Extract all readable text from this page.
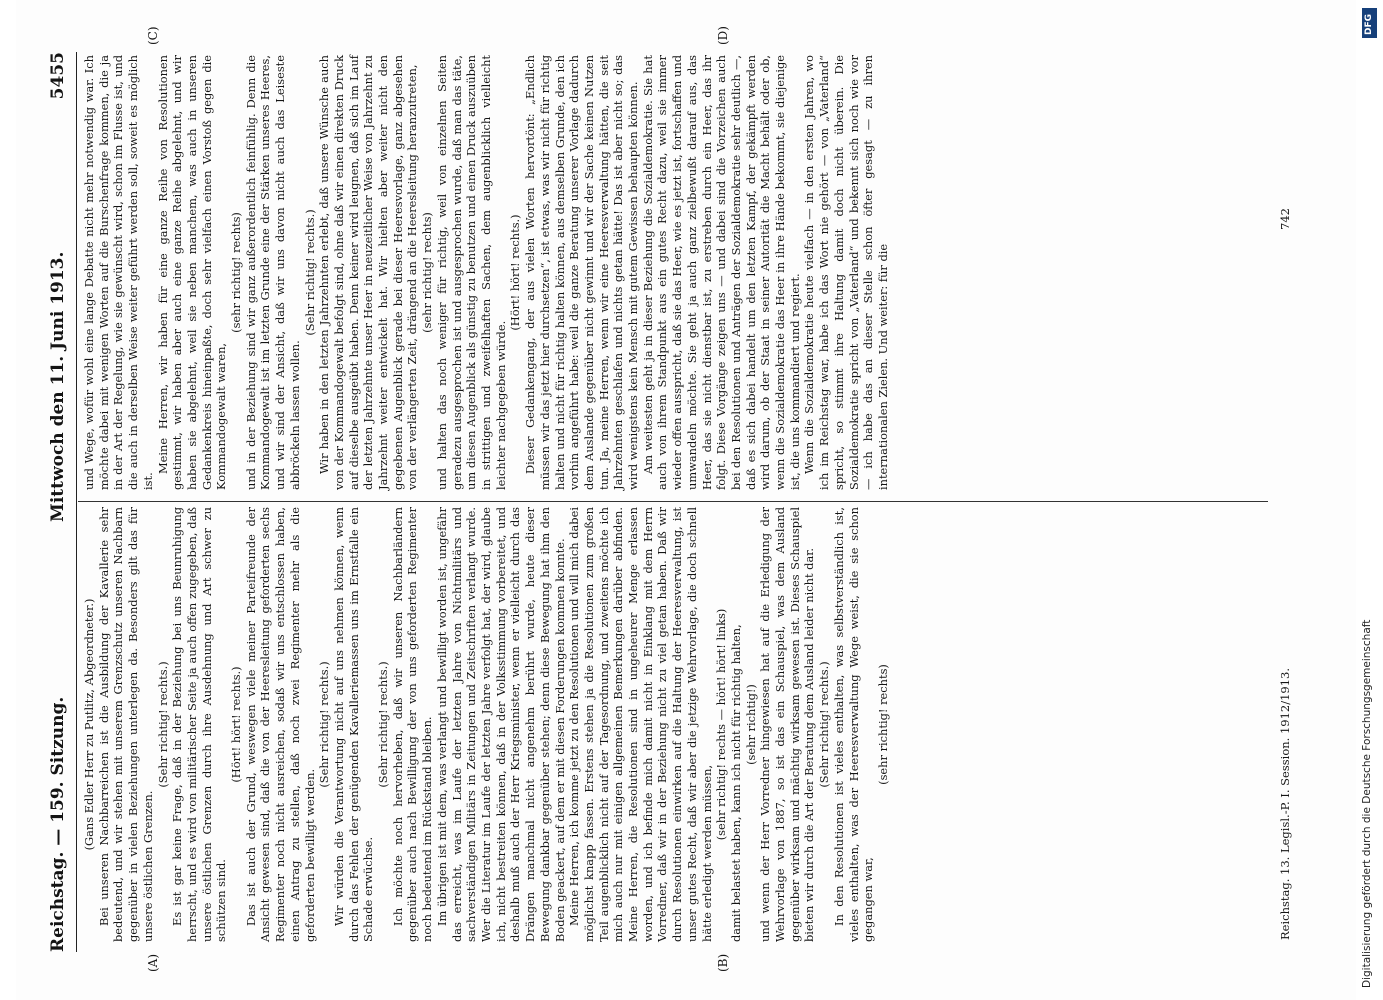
Reichstag. — 159. Sitzung.
Mittwoch den 11. Juni 1913.
5455
(A)	(B)
(C)	(D)

(Gans Edler Herr zu Putlitz, Abgeordneter.) Bei unseren Nachbarreichen ist die Ausbildung der Kavallerie sehr bedeutend, und wir stehen mit unserem Grenzschutz unseren Nachbarn gegenüber in vielen Beziehungen unterlegen da. Besonders gilt das für unsere östlichen Grenzen.

(Sehr richtig! rechts.) Es ist gar keine Frage, daß in der Beziehung bei uns Beunruhigung herrscht, und es wird von militärischer Seite ja auch offen zugegeben, daß unsere östlichen Grenzen durch ihre Ausdehnung und Art schwer zu schützen sind.

(Hört! hört! rechts.) Das ist auch der Grund, weswegen viele meiner Parteifreunde der Ansicht gewesen sind, daß die von der Heeresleitung geforderten sechs Regimenter noch nicht ausreichen, sodaß wir uns entschlossen haben, einen Antrag zu stellen, daß noch zwei Regimenter mehr als die geforderten bewilligt werden.

(Sehr richtig! rechts.) Wir würden die Verantwortung nicht auf uns nehmen können, wenn durch das Fehlen der genügenden Kavalleriemassen uns im Ernstfalle ein Schade erwüchse.

(Sehr richtig! rechts.) Ich möchte noch hervorheben, daß wir unseren Nachbarländern gegenüber auch nach Bewilligung der von uns geforderten Regimenter noch bedeutend im Rückstand bleiben. Im übrigen ist mit dem, was verlangt und bewilligt worden ist, ungefähr das erreicht, was im Laufe der letzten Jahre von Nichtmilitärs und sachverständigen Militärs in Zeitungen und Zeitschriften verlangt wurde. Wer die Literatur im Laufe der letzten Jahre verfolgt hat, der wird, glaube ich, nicht bestreiten können, daß in der Volksstimmung vorbereitet, und deshalb muß auch der Herr Kriegsminister, wenn er vielleicht durch das Drängen manchmal nicht angenehm berührt wurde, heute dieser Bewegung dankbar gegenüber stehen; denn diese Bewegung hat ihm den Boden geackert, auf dem er mit diesen Forderungen kommen konnte. Meine Herren, ich komme jetzt zu den Resolutionen und will mich dabei möglichst knapp fassen. Erstens stehen ja die Resolutionen zum großen Teil augenblicklich nicht auf der Tagesordnung, und zweitens möchte ich mich auch nur mit einigen allgemeinen Bemerkungen darüber abfinden. Meine Herren, die Resolutionen sind in ungeheurer Menge erlassen worden, und ich befinde mich damit nicht in Einklang mit dem Herrn Vorredner, daß wir in der Beziehung nicht zu viel getan haben. Daß wir durch Resolutionen einwirken auf die Haltung der Heeresverwaltung, ist unser gutes Recht, daß wir aber die jetzige Wehrvorlage, die doch schnell hätte erledigt werden müssen,

(sehr richtig! rechts — hört! hört! links) damit belastet haben, kann ich nicht für richtig halten, (sehr richtig!) und wenn der Herr Vorredner hingewiesen hat auf die Erledigung der Wehrvorlage von 1887, so ist das ein Schauspiel, was dem Ausland gegenüber wirksam und mächtig wirksam gewesen ist. Dieses Schauspiel bieten wir durch die Art der Beratung dem Ausland leider nicht dar. (Sehr richtig! rechts.) In den Resolutionen ist vieles enthalten, was selbstverständlich ist, vieles enthalten, was der Heeresverwaltung Wege weist, die sie schon gegangen war,

(sehr richtig! rechts)

und Wege, wofür wohl eine lange Debatte nicht mehr notwendig war. Ich möchte dabei mit wenigen Worten auf die Burschenfrage kommen, die ja in der Art der Regelung, wie sie gewünscht wird, schon im Flusse ist, und die auch in derselben Weise weiter geführt werden soll, soweit es möglich ist.

Meine Herren, wir haben für eine ganze Reihe von Resolutionen gestimmt, wir haben aber auch eine ganze Reihe abgelehnt, und wir haben sie abgelehnt, weil sie neben manchem, was auch in unseren Gedankenkreis hineinpaßte, doch sehr vielfach einen Vorstoß gegen die Kommandogewalt waren,

(sehr richtig! rechts) und in der Beziehung sind wir ganz außerordentlich feinfühlig. Denn die Kommandogewalt ist im letzten Grunde eine der Stärken unseres Heeres, und wir sind der Ansicht, daß wir uns davon nicht auch das Leiseste abbröckeln lassen wollen.

(Sehr richtig! rechts.) Wir haben in den letzten Jahrzehnten erlebt, daß unsere Wünsche auch von der Kommandogewalt befolgt sind, ohne daß wir einen direkten Druck auf dieselbe ausgeübt haben. Denn keiner wird leugnen, daß sich im Lauf der letzten Jahrzehnte unser Heer in neuzeitlicher Weise von Jahrzehnt zu Jahrzehnt weiter entwickelt hat. Wir hielten aber weiter nicht den gegebenen Augenblick gerade bei dieser Heeresvorlage, ganz abgesehen von der verlängerten Zeit, drängend an die Heeresleitung heranzutreten, (sehr richtig! rechts) und halten das noch weniger für richtig, weil von einzelnen Seiten geradezu ausgesprochen ist und ausgesprochen wurde, daß man das täte, um diesen Augenblick als günstig zu benutzen und einen Druck auszuüben in strittigen und zweifelhaften Sachen, dem augenblicklich vielleicht leichter nachgegeben würde.

(Hört! hört! rechts.) Dieser Gedankengang, der aus vielen Worten hervortönt: „Endlich müssen wir das jetzt hier durchsetzen“, ist etwas, was wir nicht für richtig halten und nicht für richtig halten können, aus demselben Grunde, den ich vorhin angeführt habe: weil die ganze Beratung unserer Vorlage dadurch dem Auslande gegenüber nicht gewinnt und wir der Sache keinen Nutzen tun. Ja, meine Herren, wenn wir eine Heeresverwaltung hätten, die seit Jahrzehnten geschlafen und nichts getan hätte! Das ist aber nicht so; das wird wenigstens kein Mensch mit gutem Gewissen behaupten können. Am weitesten geht ja in dieser Beziehung die Sozialdemokratie. Sie hat auch von ihrem Standpunkt aus ein gutes Recht dazu, weil sie immer wieder offen ausspricht, daß sie das Heer, wie es jetzt ist, fortschaffen und umwandeln möchte. Sie geht ja auch ganz zielbewußt darauf aus, das Heer, das sie nicht dienstbar ist, zu erstreben durch ein Heer, das ihr folgt. Diese Vorgänge zeigen uns — und dabei sind die Vorzeichen auch bei den Resolutionen und Anträgen der Sozialdemokratie sehr deutlich —, daß es sich dabei handelt um den letzten Kampf, der gekämpft werden wird darum, ob der Staat in seiner Autorität die Macht behält oder ob, wenn die Sozialdemokratie das Heer in ihre Hände bekommt, sie diejenige ist, die uns kommandiert und regiert. Wenn die Sozialdemokratie heute vielfach — in den ersten Jahren, wo ich im Reichstag war, habe ich das Wort nie gehört — von „Vaterland“ spricht, so stimmt ihre Haltung damit doch nicht überein. Die Sozialdemokratie spricht von „Vaterland“ und bekennt sich noch wie vor — ich habe das an dieser Stelle schon öfter gesagt — zu ihren internationalen Zielen. Und weiter: für die

Reichstag. 13. Legisl.-P. I. Session. 1912/1913.
742
DFG
Digitalisierung gefördert durch die Deutsche Forschungsgemeinschaft
